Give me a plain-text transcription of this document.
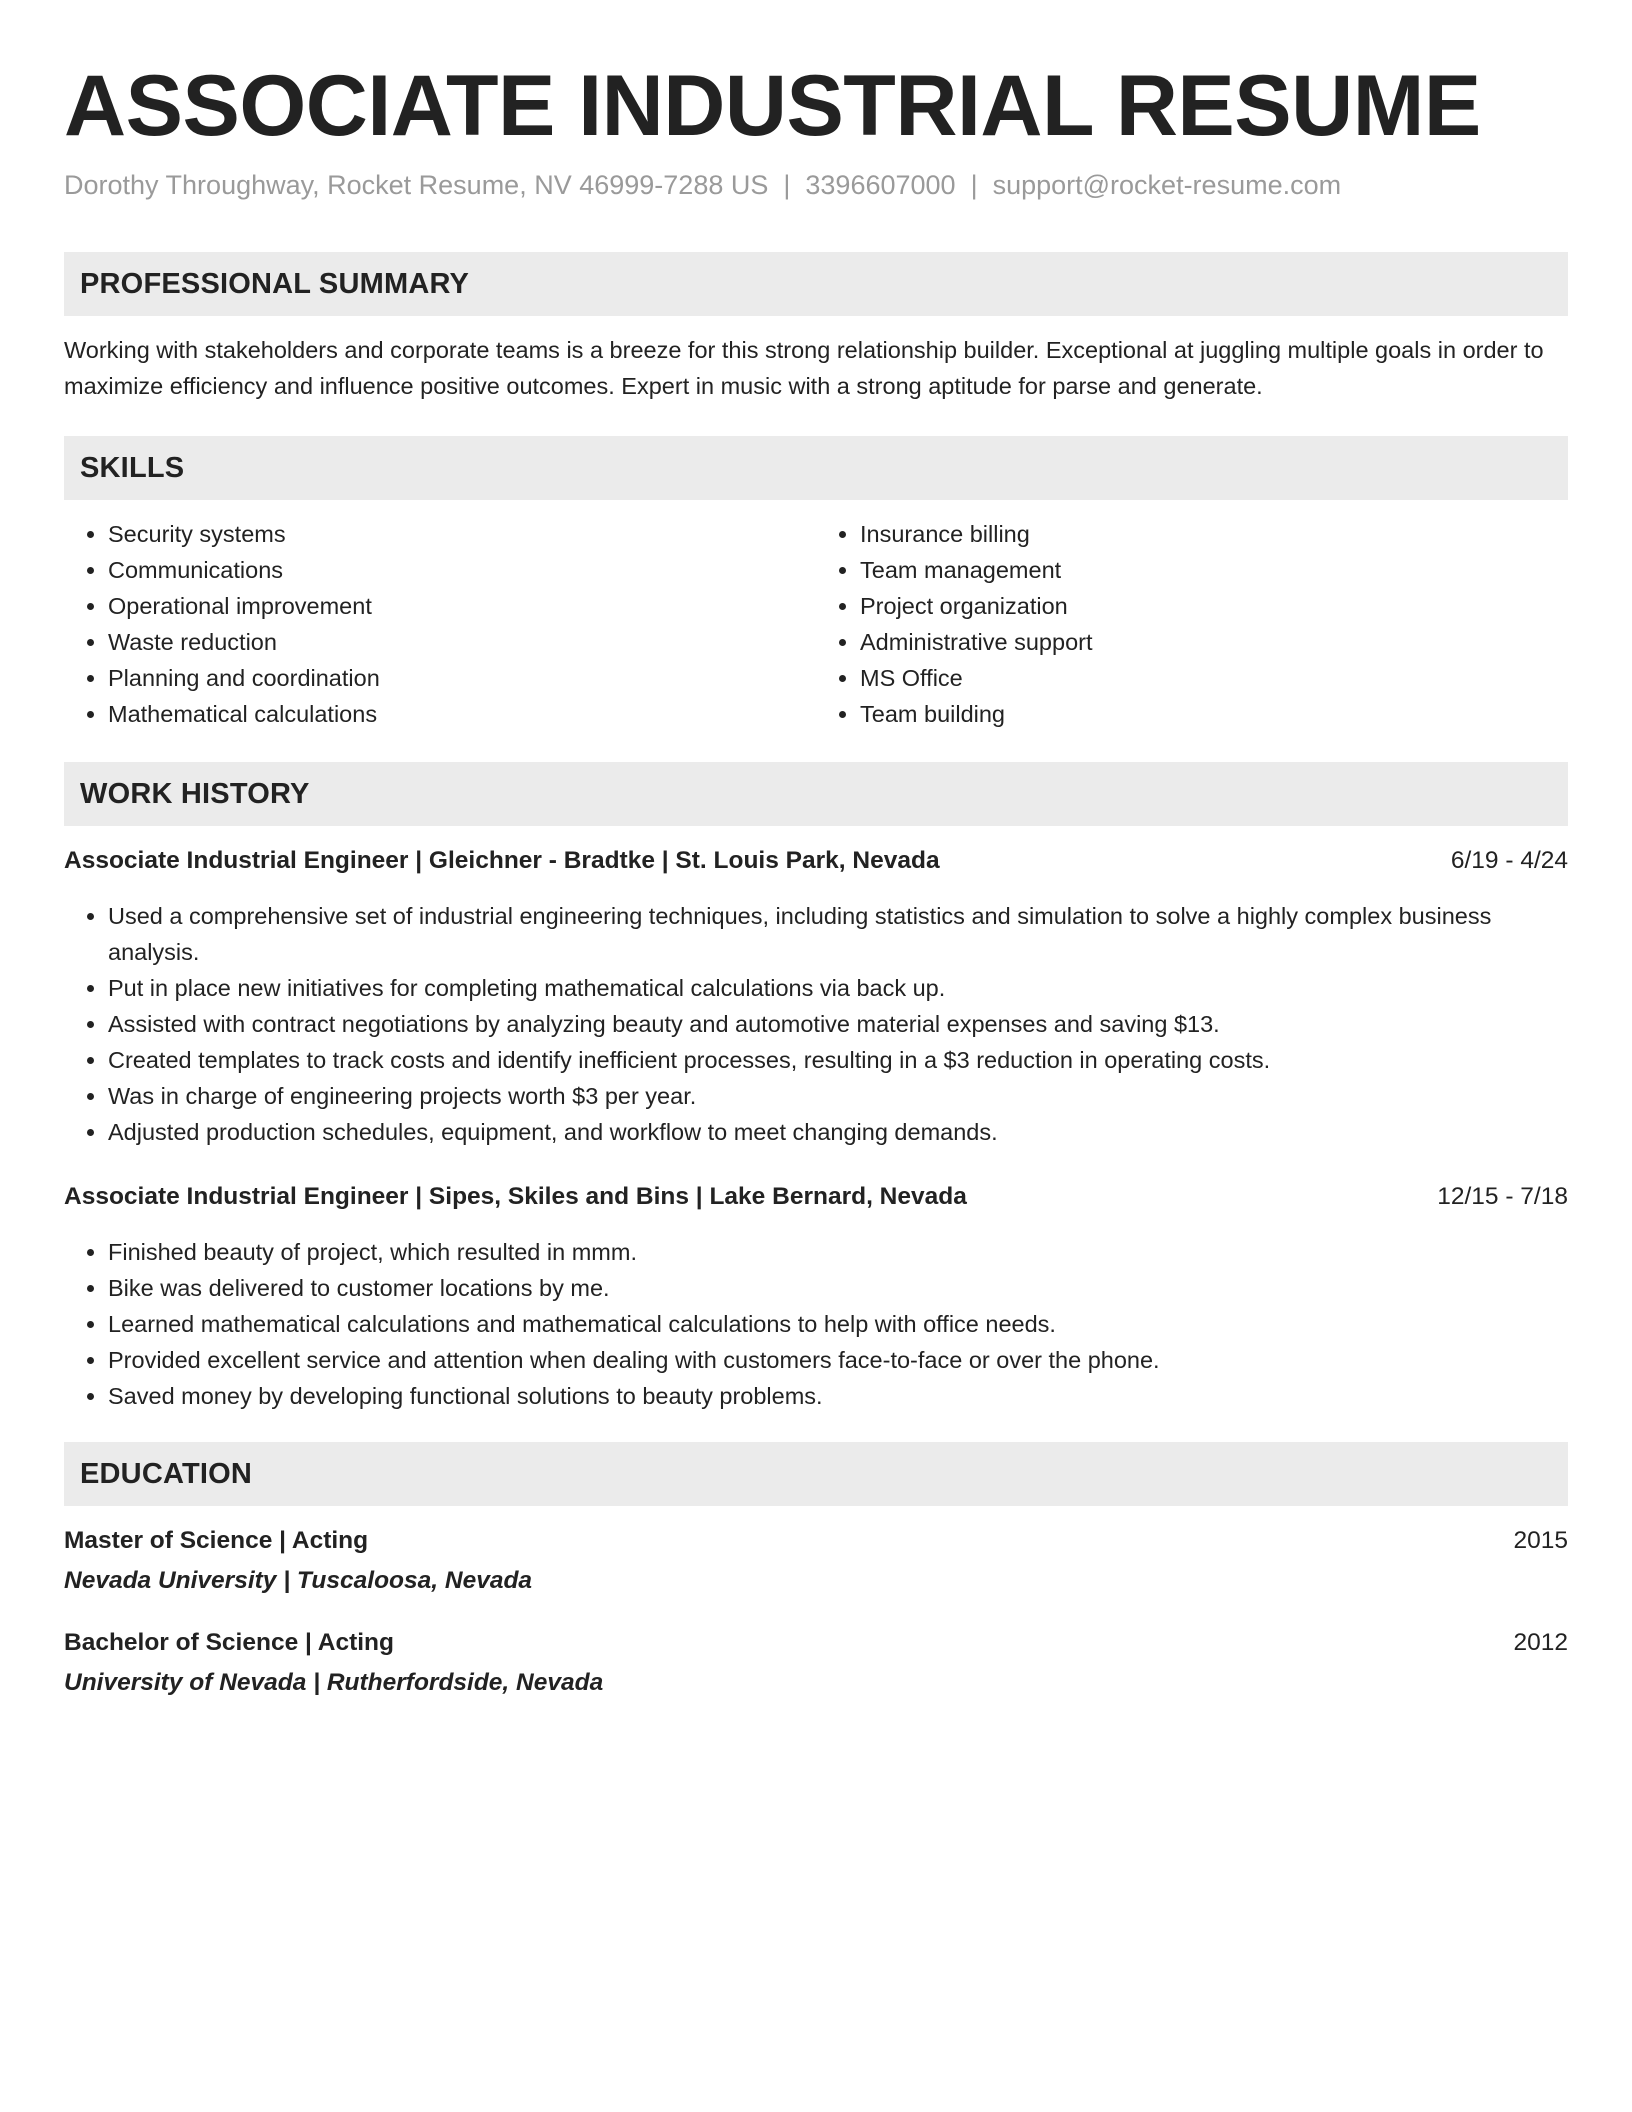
ASSOCIATE INDUSTRIAL RESUME
Dorothy Throughway, Rocket Resume, NV 46999-7288 US | 3396607000 | support@rocket-resume.com
PROFESSIONAL SUMMARY

Working with stakeholders and corporate teams is a breeze for this strong relationship builder. Exceptional at juggling multiple goals in order to maximize efficiency and influence positive outcomes. Expert in music with a strong aptitude for parse and generate.

SKILLS
• Security systems
• Communications
• Operational improvement
• Waste reduction
• Planning and coordination
• Mathematical calculations
• Insurance billing
• Team management
• Project organization
• Administrative support
• MS Office
• Team building
WORK HISTORY
Associate Industrial Engineer | Gleichner - Bradtke | St. Louis Park, Nevada	6/19 - 4/24
• Used a comprehensive set of industrial engineering techniques, including statistics and simulation to solve a highly complex business analysis.
• Put in place new initiatives for completing mathematical calculations via back up.
• Assisted with contract negotiations by analyzing beauty and automotive material expenses and saving $13.
• Created templates to track costs and identify inefficient processes, resulting in a $3 reduction in operating costs.
• Was in charge of engineering projects worth $3 per year.
• Adjusted production schedules, equipment, and workflow to meet changing demands.
Associate Industrial Engineer | Sipes, Skiles and Bins | Lake Bernard, Nevada	12/15 - 7/18
• Finished beauty of project, which resulted in mmm.
• Bike was delivered to customer locations by me.
• Learned mathematical calculations and mathematical calculations to help with office needs.
• Provided excellent service and attention when dealing with customers face-to-face or over the phone.
• Saved money by developing functional solutions to beauty problems.
EDUCATION
Master of Science | Acting	2015
Nevada University | Tuscaloosa, Nevada
Bachelor of Science | Acting	2012
University of Nevada | Rutherfordside, Nevada
